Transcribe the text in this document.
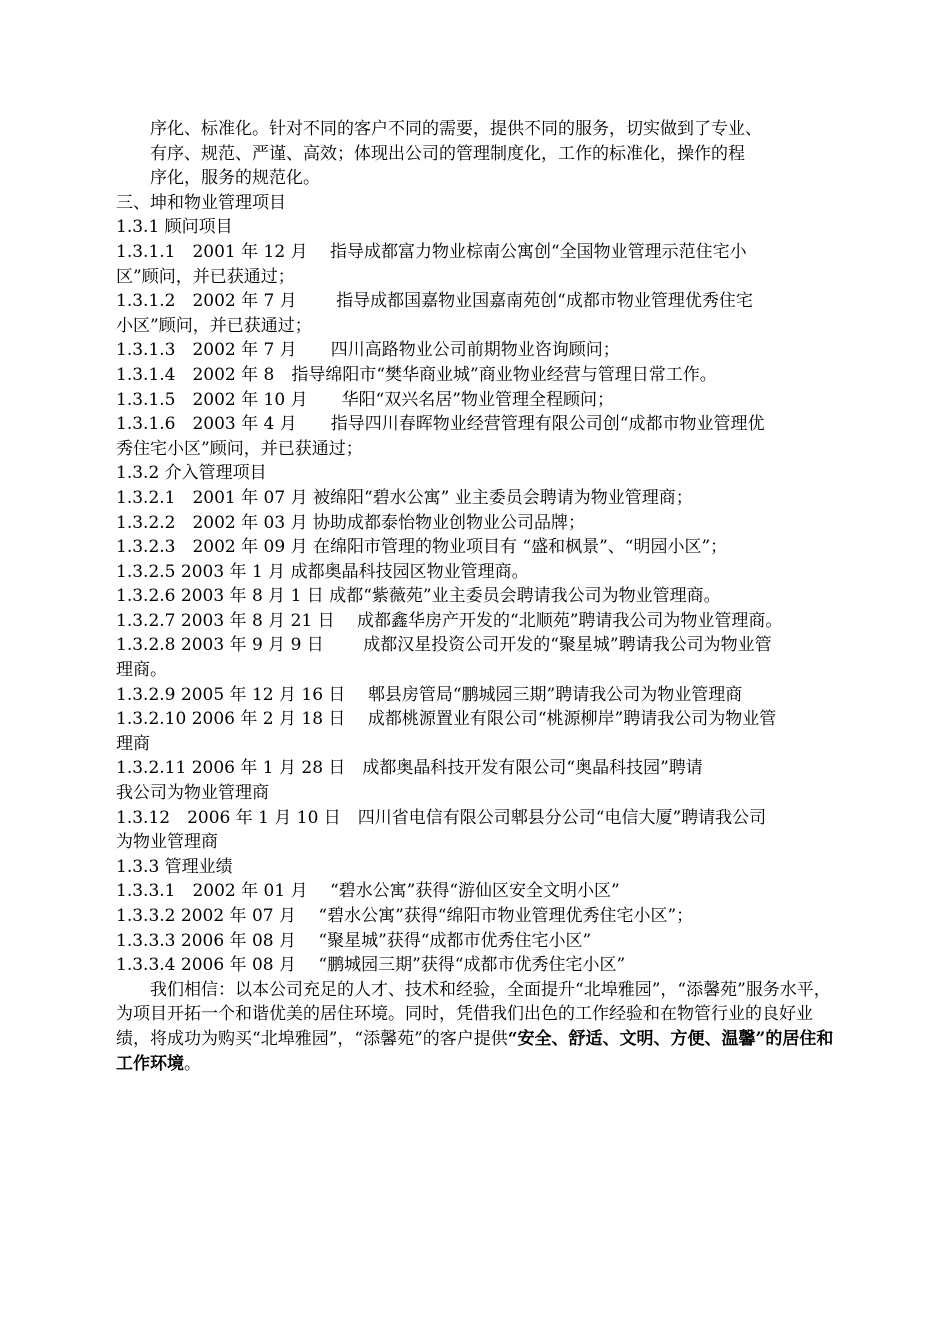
序化、标准化。针对不同的客户不同的需要，提供不同的服务，切实做到了专业、

有序、规范、严谨、高效；体现出公司的管理制度化，工作的标准化，操作的程

序化，服务的规范化。

三、坤和物业管理项目

1.3.1 顾问项目

1.3.1.1　2001 年 12 月　 指导成都富力物业棕南公寓创“全国物业管理示范住宅小

区”顾问，并已获通过；

1.3.1.2　2002 年 7 月　　 指导成都国嘉物业国嘉南苑创“成都市物业管理优秀住宅

小区”顾问，并已获通过；

1.3.1.3　2002 年 7 月　　四川高路物业公司前期物业咨询顾问；

1.3.1.4　2002 年 8　指导绵阳市“樊华商业城”商业物业经营与管理日常工作。

1.3.1.5　2002 年 10 月　　华阳“双兴名居”物业管理全程顾问；

1.3.1.6　2003 年 4 月　　指导四川春晖物业经营管理有限公司创“成都市物业管理优

秀住宅小区”顾问，并已获通过；

1.3.2 介入管理项目

1.3.2.1　2001 年 07 月 被绵阳“碧水公寓” 业主委员会聘请为物业管理商；

1.3.2.2　2002 年 03 月 协助成都泰怡物业创物业公司品牌；

1.3.2.3　2002 年 09 月 在绵阳市管理的物业项目有 “盛和枫景”、“明园小区”；

1.3.2.5 2003 年 1 月 成都奥晶科技园区物业管理商。

1.3.2.6 2003 年 8 月 1 日 成都“紫薇苑”业主委员会聘请我公司为物业管理商。

1.3.2.7 2003 年 8 月 21 日　 成都鑫华房产开发的“北顺苑”聘请我公司为物业管理商。

1.3.2.8 2003 年 9 月 9 日　　 成都汉星投资公司开发的“聚星城”聘请我公司为物业管

理商。

1.3.2.9 2005 年 12 月 16 日　 郫县房管局“鹏城园三期”聘请我公司为物业管理商

1.3.2.10 2006 年 2 月 18 日　 成都桃源置业有限公司“桃源柳岸”聘请我公司为物业管

理商

1.3.2.11 2006 年 1 月 28 日　成都奥晶科技开发有限公司“奥晶科技园”聘请

我公司为物业管理商

1.3.12　2006 年 1 月 10 日　四川省电信有限公司郫县分公司“电信大厦”聘请我公司

为物业管理商

1.3.3 管理业绩

1.3.3.1　2002 年 01 月　 “碧水公寓”获得“游仙区安全文明小区”

1.3.3.2 2002 年 07 月　 “碧水公寓”获得“绵阳市物业管理优秀住宅小区”；

1.3.3.3 2006 年 08 月　 “聚星城”获得“成都市优秀住宅小区”

1.3.3.4 2006 年 08 月　 “鹏城园三期”获得“成都市优秀住宅小区”

我们相信：以本公司充足的人才、技术和经验，全面提升“北埠雅园”，“添馨苑”服务水平，为项目开拓一个和谐优美的居住环境。同时，凭借我们出色的工作经验和在物管行业的良好业绩，将成功为购买“北埠雅园”，“添馨苑”的客户提供“安全、舒适、文明、方便、温馨”的居住和工作环境。
